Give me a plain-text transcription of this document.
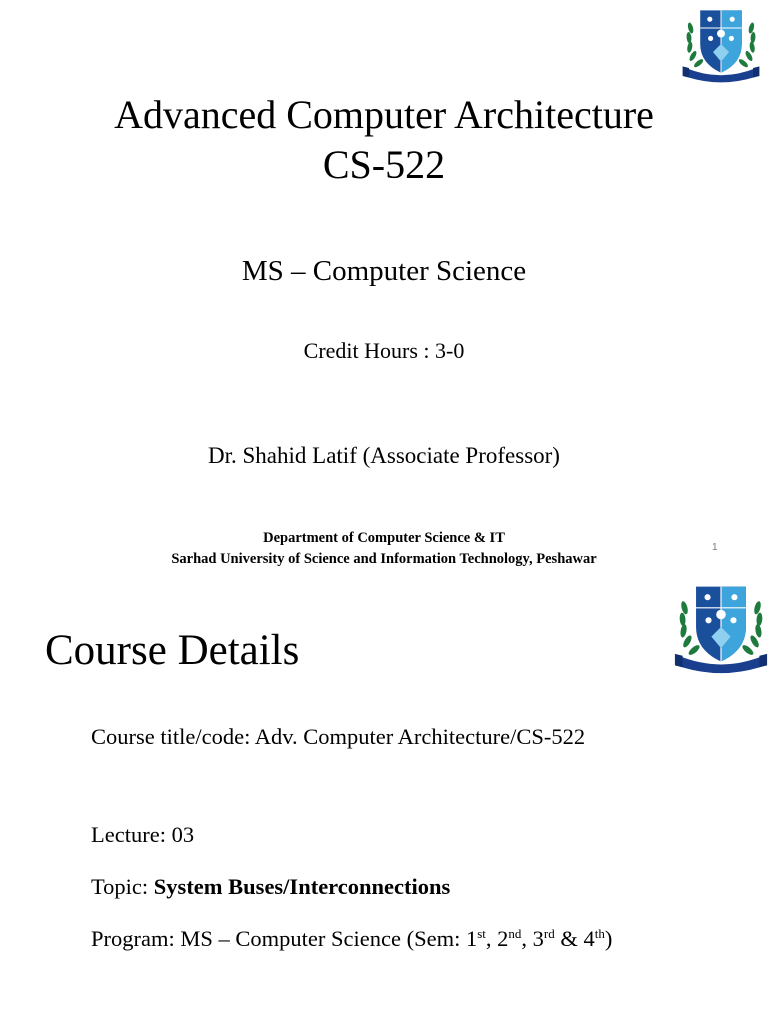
Advanced Computer Architecture
CS-522
MS – Computer Science
Credit Hours : 3-0
Dr. Shahid Latif (Associate Professor)
Department of Computer Science & IT
Sarhad University of Science and Information Technology, Peshawar
1
Course Details
Course title/code: Adv. Computer Architecture/CS-522
Lecture: 03
Topic: System Buses/Interconnections
Program: MS – Computer Science (Sem: 1st, 2nd, 3rd & 4th)
